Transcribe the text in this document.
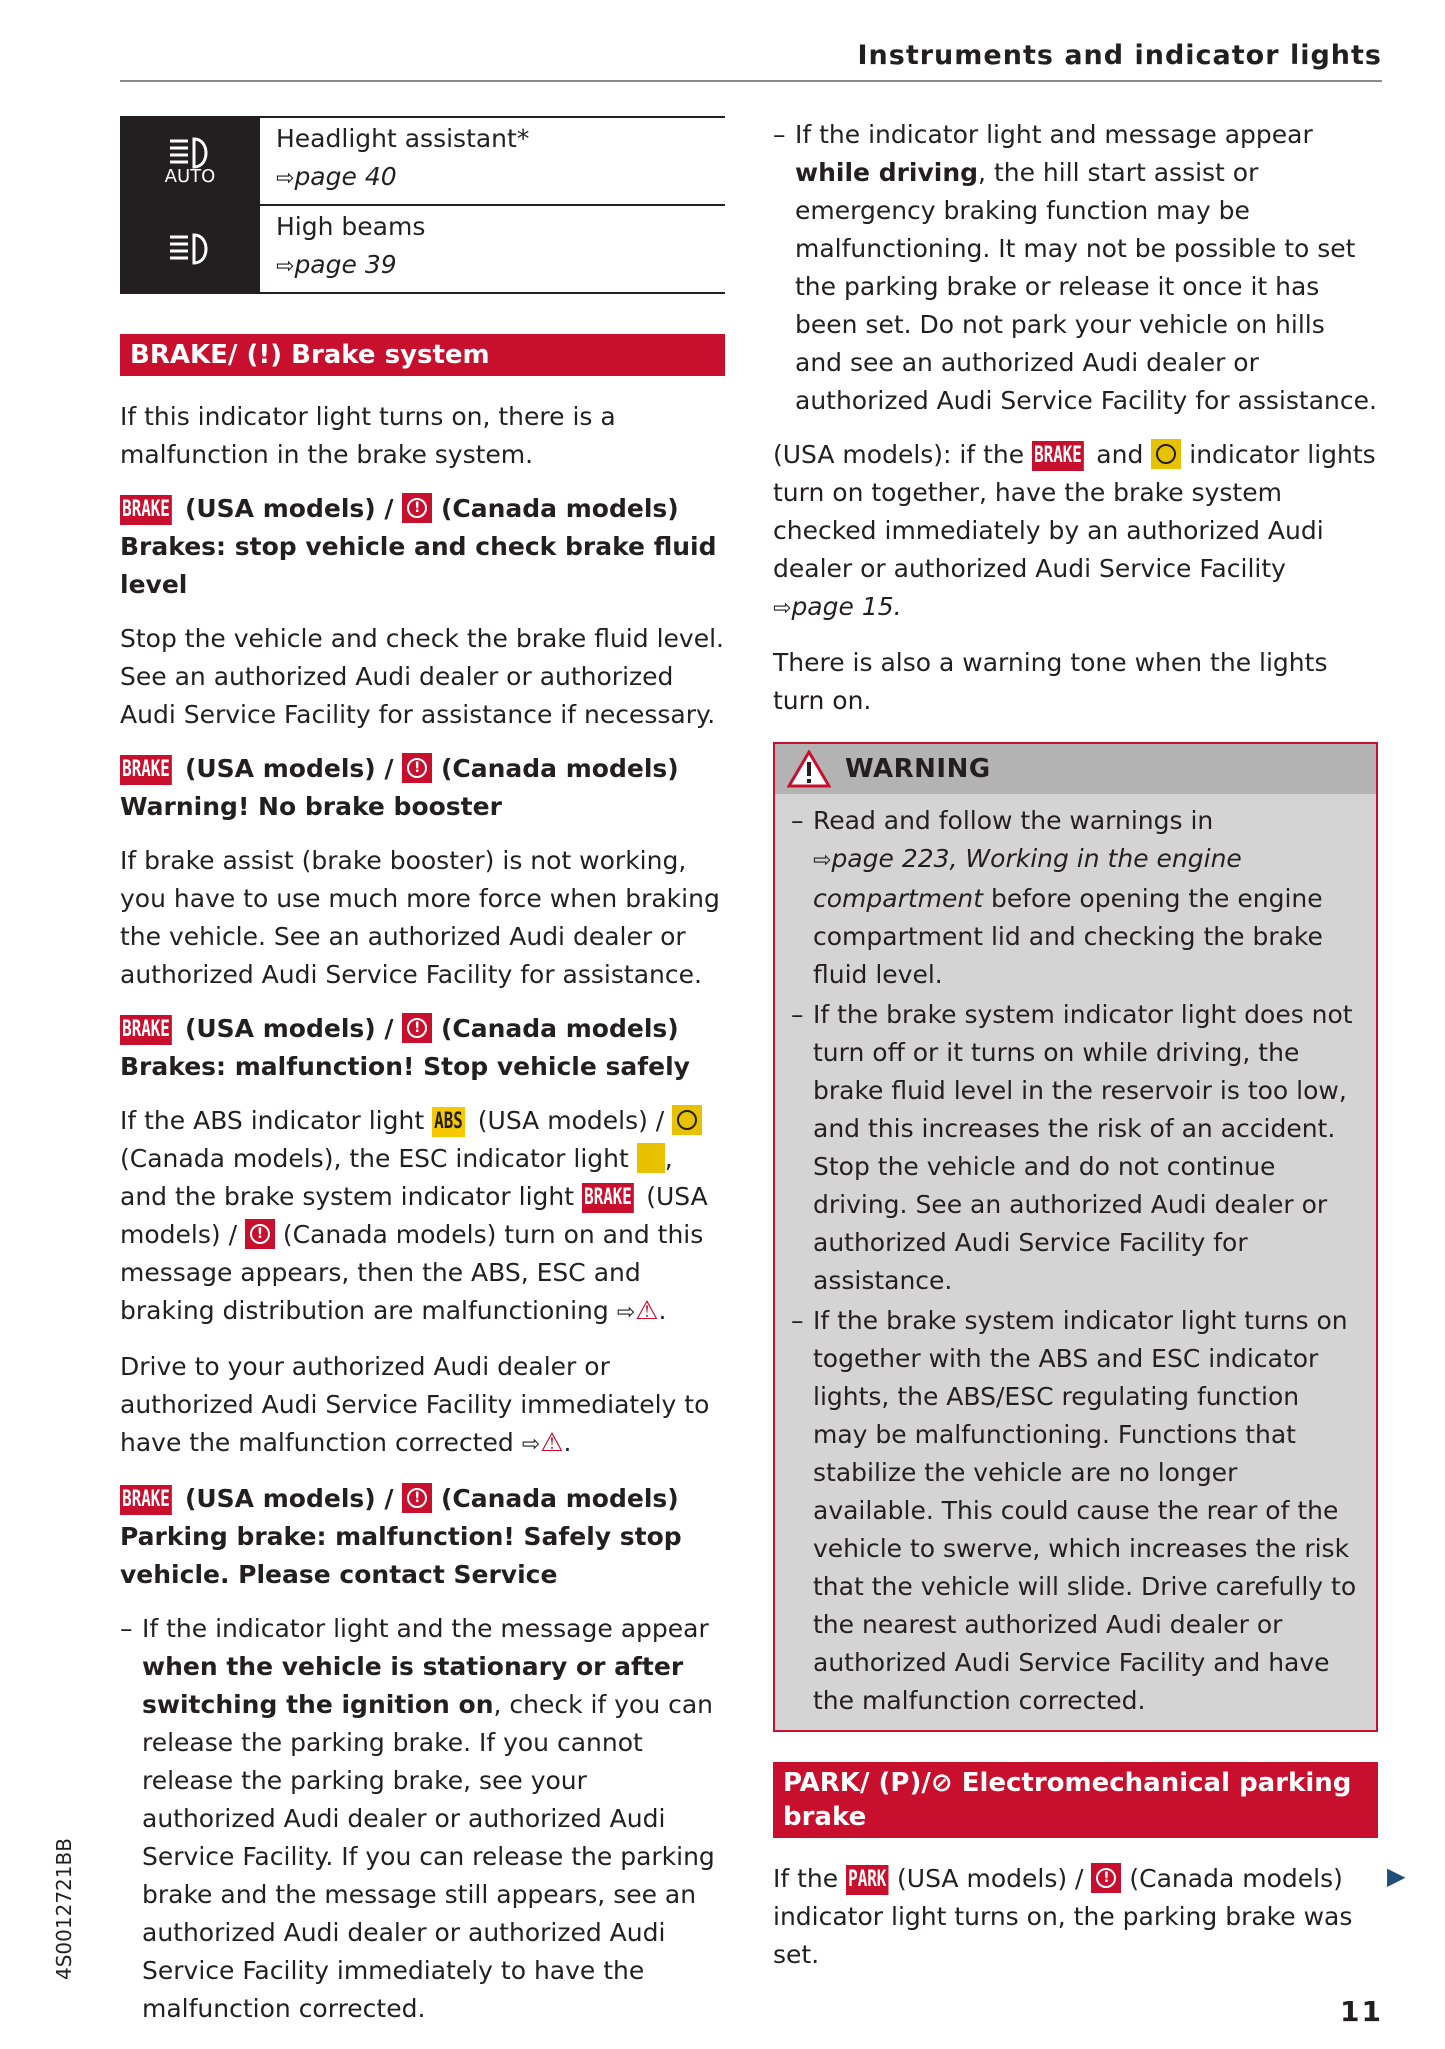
Instruments and indicator lights
AUTO
Headlight assistant*
⇨page 40
High beams
⇨page 39
BRAKE/ (!) Brake system

If this indicator light turns on, there is a malfunction in the brake system.

BRAKE (USA models) / ! (Canada models)
Brakes: stop vehicle and check brake fluid level

Stop the vehicle and check the brake fluid level. See an authorized Audi dealer or authorized Audi Service Facility for assistance if necessary.

BRAKE (USA models) / ! (Canada models)
Warning! No brake booster

If brake assist (brake booster) is not working, you have to use much more force when braking the vehicle. See an authorized Audi dealer or authorized Audi Service Facility for assistance.

BRAKE (USA models) / ! (Canada models)
Brakes: malfunction! Stop vehicle safely

If the ABS indicator light ABS (USA models) /  (Canada models), the ESC indicator light , and the brake system indicator light BRAKE (USA models) / ! (Canada models) turn on and this message appears, then the ABS, ESC and braking distribution are malfunctioning ⇨⚠.

Drive to your authorized Audi dealer or authorized Audi Service Facility immediately to have the malfunction corrected ⇨⚠.

BRAKE (USA models) / ! (Canada models) Parking brake: malfunction! Safely stop vehicle. Please contact Service
– If the indicator light and the message appear when the vehicle is stationary or after switching the ignition on, check if you can release the parking brake. If you cannot release the parking brake, see your authorized Audi dealer or authorized Audi Service Facility. If you can release the parking brake and the message still appears, see an authorized Audi dealer or authorized Audi Service Facility immediately to have the malfunction corrected.
– If the indicator light and message appear while driving, the hill start assist or emergency braking function may be malfunctioning. It may not be possible to set the parking brake or release it once it has been set. Do not park your vehicle on hills and see an authorized Audi dealer or authorized Audi Service Facility for assistance.

(USA models): if the BRAKE and indicator lights turn on together, have the brake system checked immediately by an authorized Audi dealer or authorized Audi Service Facility
⇨page 15.

There is also a warning tone when the lights turn on.

WARNING
– Read and follow the warnings in
⇨page 223, Working in the engine compartment before opening the engine compartment lid and checking the brake fluid level.
– If the brake system indicator light does not turn off or it turns on while driving, the brake fluid level in the reservoir is too low, and this increases the risk of an accident. Stop the vehicle and do not continue driving. See an authorized Audi dealer or authorized Audi Service Facility for assistance.
– If the brake system indicator light turns on together with the ABS and ESC indicator lights, the ABS/ESC regulating function may be malfunctioning. Functions that stabilize the vehicle are no longer available. This could cause the rear of the vehicle to swerve, which increases the risk that the vehicle will slide. Drive carefully to the nearest authorized Audi dealer or authorized Audi Service Facility and have the malfunction corrected.
PARK/ (P)/⊘ Electromechanical parking brake

If the PARK (USA models) / ! (Canada models) indicator light turns on, the parking brake was set.

▶
4S0012721BB
11
